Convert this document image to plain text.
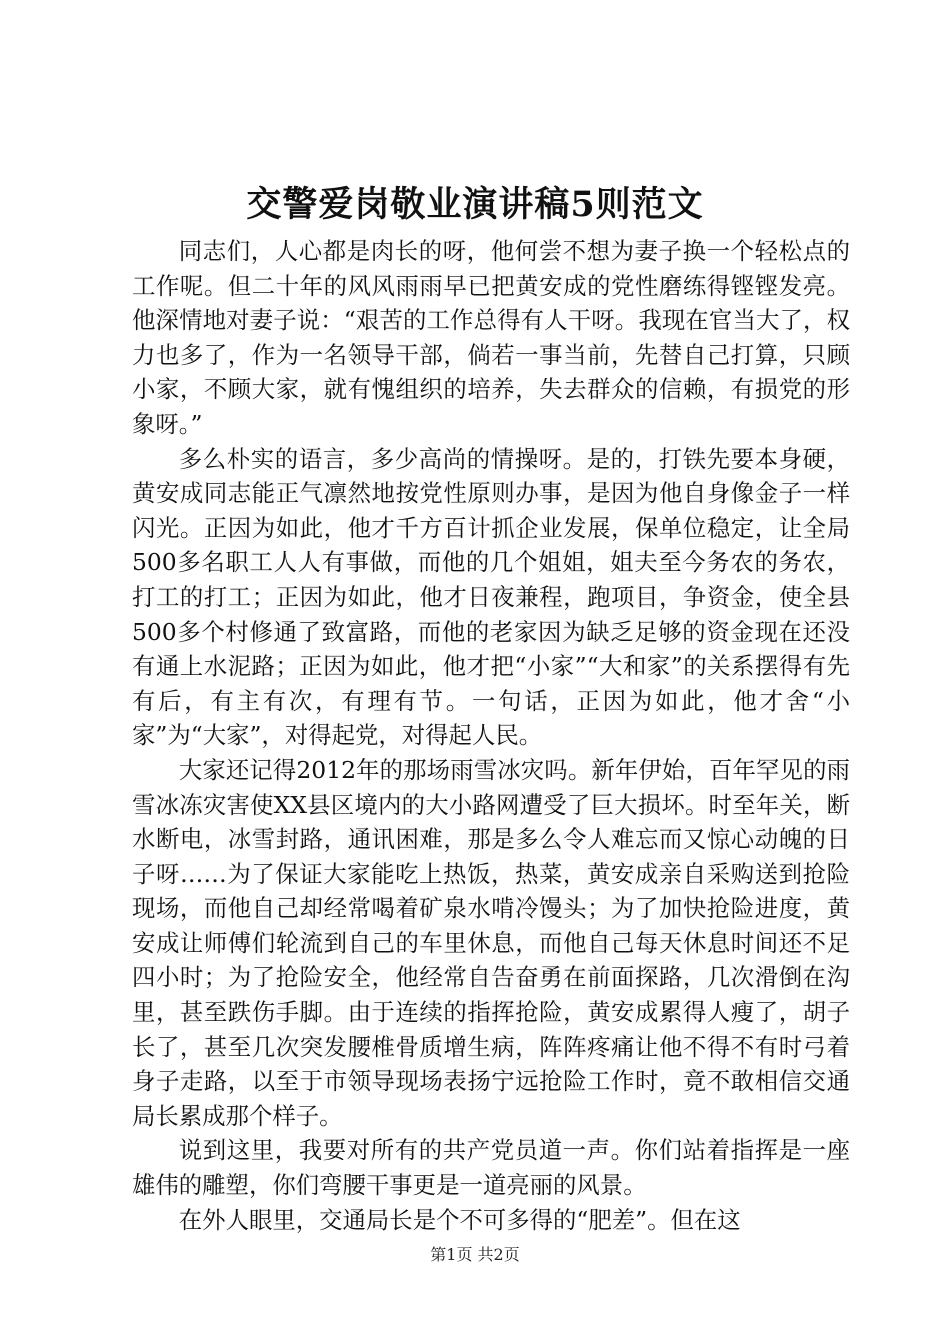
交警爱岗敬业演讲稿5则范文

同志们，人心都是肉长的呀，他何尝不想为妻子换一个轻松点的工作呢。但二十年的风风雨雨早已把黄安成的党性磨练得铿铿发亮。他深情地对妻子说：“艰苦的工作总得有人干呀。我现在官当大了，权力也多了，作为一名领导干部，倘若一事当前，先替自己打算，只顾小家，不顾大家，就有愧组织的培养，失去群众的信赖，有损党的形象呀。”

多么朴实的语言，多少高尚的情操呀。是的，打铁先要本身硬，黄安成同志能正气凛然地按党性原则办事，是因为他自身像金子一样闪光。正因为如此，他才千方百计抓企业发展，保单位稳定，让全局500多名职工人人有事做，而他的几个姐姐，姐夫至今务农的务农，打工的打工；正因为如此，他才日夜兼程，跑项目，争资金，使全县500多个村修通了致富路，而他的老家因为缺乏足够的资金现在还没有通上水泥路；正因为如此，他才把“小家”“大和家”的关系摆得有先有后，有主有次，有理有节。一句话，正因为如此，他才舍“小家”为“大家”，对得起党，对得起人民。

大家还记得2012年的那场雨雪冰灾吗。新年伊始，百年罕见的雨雪冰冻灾害使XX县区境内的大小路网遭受了巨大损坏。时至年关，断水断电，冰雪封路，通讯困难，那是多么令人难忘而又惊心动魄的日子呀……为了保证大家能吃上热饭，热菜，黄安成亲自采购送到抢险现场，而他自己却经常喝着矿泉水啃冷馒头；为了加快抢险进度，黄安成让师傅们轮流到自己的车里休息，而他自己每天休息时间还不足四小时；为了抢险安全，他经常自告奋勇在前面探路，几次滑倒在沟里，甚至跌伤手脚。由于连续的指挥抢险，黄安成累得人瘦了，胡子长了，甚至几次突发腰椎骨质增生病，阵阵疼痛让他不得不有时弓着身子走路，以至于市领导现场表扬宁远抢险工作时，竟不敢相信交通局长累成那个样子。

说到这里，我要对所有的共产党员道一声。你们站着指挥是一座雄伟的雕塑，你们弯腰干事更是一道亮丽的风景。

在外人眼里，交通局长是个不可多得的“肥差”。但在这

第1页 共2页
